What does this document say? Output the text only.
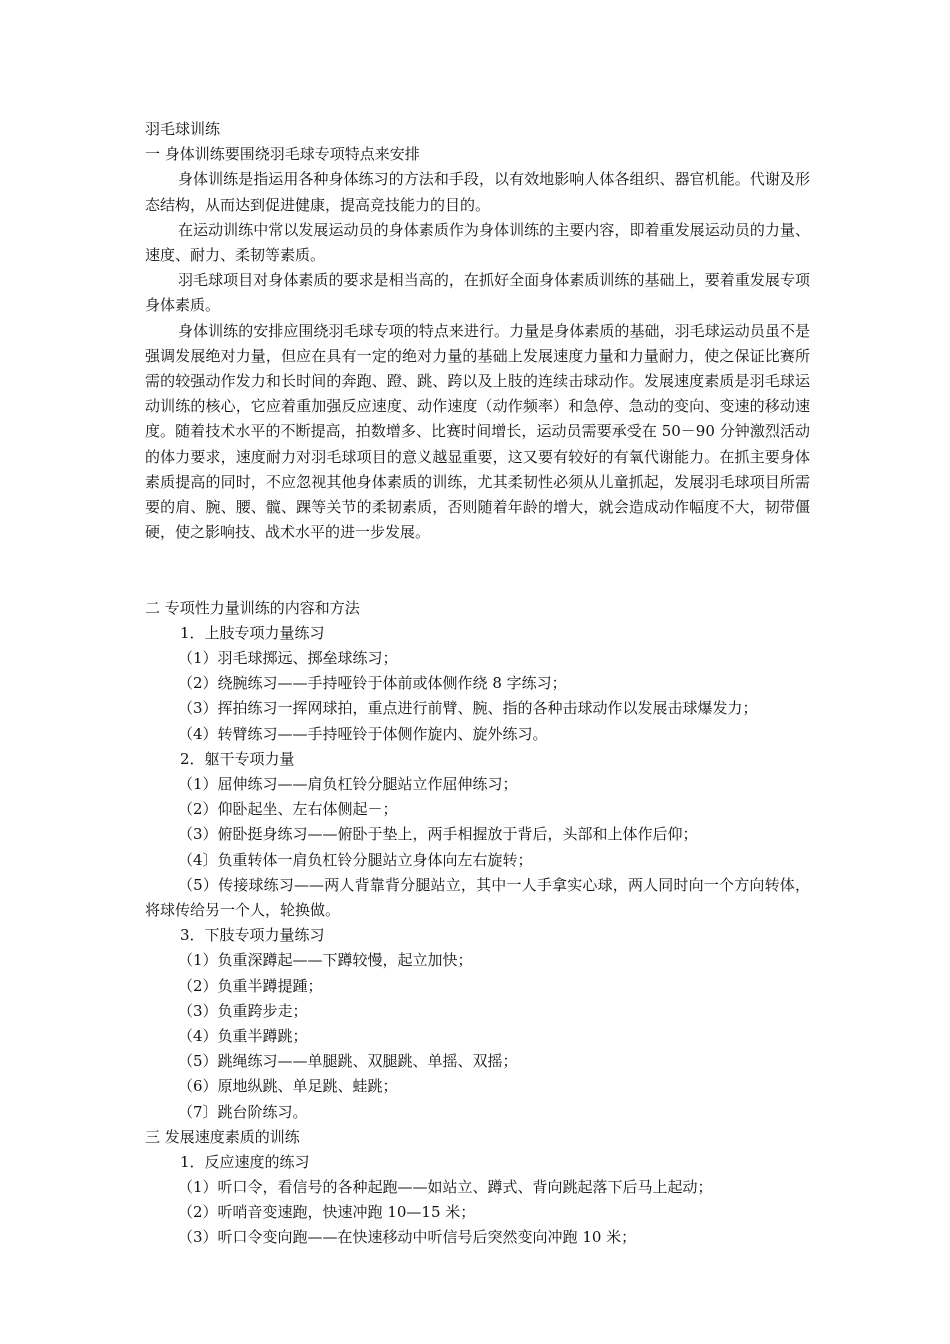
羽毛球训练
一 身体训练要围绕羽毛球专项特点来安排
身体训练是指运用各种身体练习的方法和手段，以有效地影响人体各组织、器官机能。代谢及形态结构，从而达到促进健康，提高竞技能力的目的。
在运动训练中常以发展运动员的身体素质作为身体训练的主要内容，即着重发展运动员的力量、速度、耐力、柔韧等素质。
羽毛球项目对身体素质的要求是相当高的，在抓好全面身体素质训练的基础上，要着重发展专项身体素质。
身体训练的安排应围绕羽毛球专项的特点来进行。力量是身体素质的基础，羽毛球运动员虽不是强调发展绝对力量，但应在具有一定的绝对力量的基础上发展速度力量和力量耐力，使之保证比赛所需的较强动作发力和长时间的奔跑、蹬、跳、跨以及上肢的连续击球动作。发展速度素质是羽毛球运动训练的核心，它应着重加强反应速度、动作速度（动作频率）和急停、急动的变向、变速的移动速度。随着技术水平的不断提高，拍数增多、比赛时间增长，运动员需要承受在 50－90 分钟激烈活动的体力要求，速度耐力对羽毛球项目的意义越显重要，这又要有较好的有氧代谢能力。在抓主要身体素质提高的同时，不应忽视其他身体素质的训练，尤其柔韧性必须从儿童抓起，发展羽毛球项目所需要的肩、腕、腰、髋、踝等关节的柔韧素质，否则随着年龄的增大，就会造成动作幅度不大，韧带僵硬，使之影响技、战术水平的进一步发展。
二 专项性力量训练的内容和方法
1．上肢专项力量练习
（1）羽毛球掷远、掷垒球练习；
（2）绕腕练习——手持哑铃于体前或体侧作绕 8 字练习；
（3）挥拍练习一挥网球拍，重点进行前臂、腕、指的各种击球动作以发展击球爆发力；
（4）转臂练习——手持哑铃于体侧作旋内、旋外练习。
2．躯干专项力量
（1）屈伸练习——肩负杠铃分腿站立作屈伸练习；
（2）仰卧起坐、左右体侧起－；
（3）俯卧挺身练习——俯卧于垫上，两手相握放于背后，头部和上体作后仰；
（4〕负重转体一肩负杠铃分腿站立身体向左右旋转；
（5）传接球练习——两人背靠背分腿站立，其中一人手拿实心球，两人同时向一个方向转体，将球传给另一个人，轮换做。
3．下肢专项力量练习
（1）负重深蹲起——下蹲较慢，起立加快；
（2）负重半蹲提踵；
（3）负重跨步走；
（4）负重半蹲跳；
（5）跳绳练习——单腿跳、双腿跳、单摇、双摇；
（6）原地纵跳、单足跳、蛙跳；
（7〕跳台阶练习。
三 发展速度素质的训练
1．反应速度的练习
（1）听口令，看信号的各种起跑——如站立、蹲式、背向跳起落下后马上起动；
（2）听哨音变速跑，快速冲跑 10—15 米；
（3）听口令变向跑——在快速移动中听信号后突然变向冲跑 10 米；
